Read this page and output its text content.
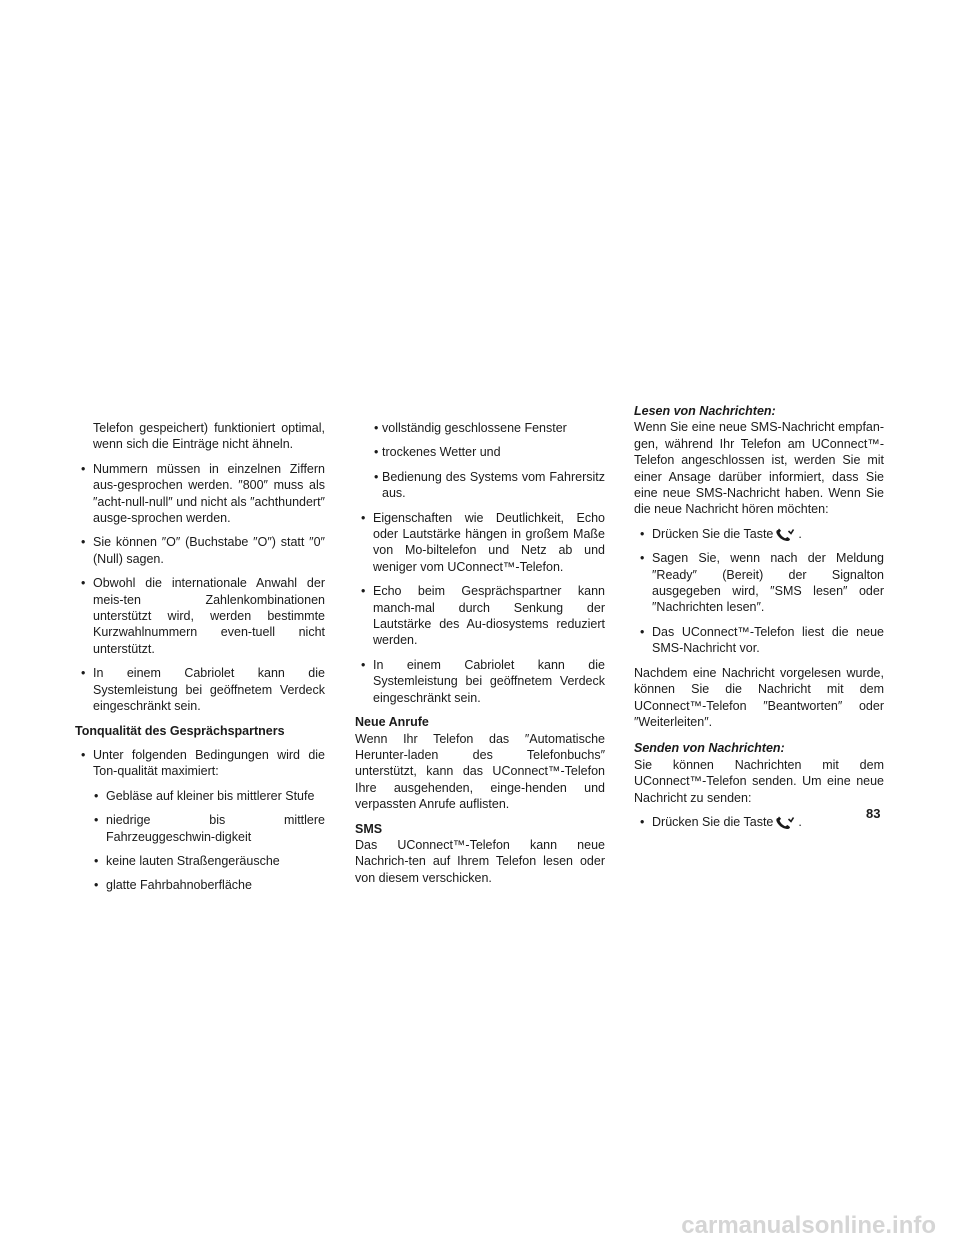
Telefon gespeichert) funktioniert optimal, wenn sich die Einträge nicht ähneln.

• Nummern müssen in einzelnen Ziffern aus-gesprochen werden. ″800″ muss als ″acht-null-null″ und nicht als ″achthundert″ ausge-sprochen werden.
• Sie können ″O″ (Buchstabe ″O″) statt ″0″ (Null) sagen.
• Obwohl die internationale Anwahl der meis-ten Zahlenkombinationen unterstützt wird, werden bestimmte Kurzwahlnummern even-tuell nicht unterstützt.
• In einem Cabriolet kann die Systemleistung bei geöffnetem Verdeck eingeschränkt sein.
Tonqualität des Gesprächspartners
• Unter folgenden Bedingungen wird die Ton-qualität maximiert:
• Gebläse auf kleiner bis mittlerer Stufe
• niedrige bis mittlere Fahrzeuggeschwin-digkeit
• keine lauten Straßengeräusche
• glatte Fahrbahnoberfläche
• vollständig geschlossene Fenster
• trockenes Wetter und
• Bedienung des Systems vom Fahrersitz aus.
• Eigenschaften wie Deutlichkeit, Echo oder Lautstärke hängen in großem Maße von Mo-biltelefon und Netz ab und weniger vom UConnect™-Telefon.
• Echo beim Gesprächspartner kann manch-mal durch Senkung der Lautstärke des Au-diosystems reduziert werden.
• In einem Cabriolet kann die Systemleistung bei geöffnetem Verdeck eingeschränkt sein.
Neue Anrufe

Wenn Ihr Telefon das ″Automatische Herunter-laden des Telefonbuchs″ unterstützt, kann das UConnect™-Telefon Ihre ausgehenden, einge-henden und verpassten Anrufe auflisten.

SMS

Das UConnect™-Telefon kann neue Nachrich-ten auf Ihrem Telefon lesen oder von diesem verschicken.

Lesen von Nachrichten:

Wenn Sie eine neue SMS-Nachricht empfan-gen, während Ihr Telefon am UConnect™-Telefon angeschlossen ist, werden Sie mit einer Ansage darüber informiert, dass Sie eine neue SMS-Nachricht haben. Wenn Sie die neue Nachricht hören möchten:

• Drücken Sie die Taste .
• Sagen Sie, wenn nach der Meldung ″Ready″ (Bereit) der Signalton ausgegeben wird, ″SMS lesen″ oder ″Nachrichten lesen″.
• Das UConnect™-Telefon liest die neue SMS-Nachricht vor.

Nachdem eine Nachricht vorgelesen wurde, können Sie die Nachricht mit dem UConnect™-Telefon ″Beantworten″ oder ″Weiterleiten″.

Senden von Nachrichten:

Sie können Nachrichten mit dem UConnect™-Telefon senden. Um eine neue Nachricht zu senden:

• Drücken Sie die Taste .
83
carmanualsonline.info
